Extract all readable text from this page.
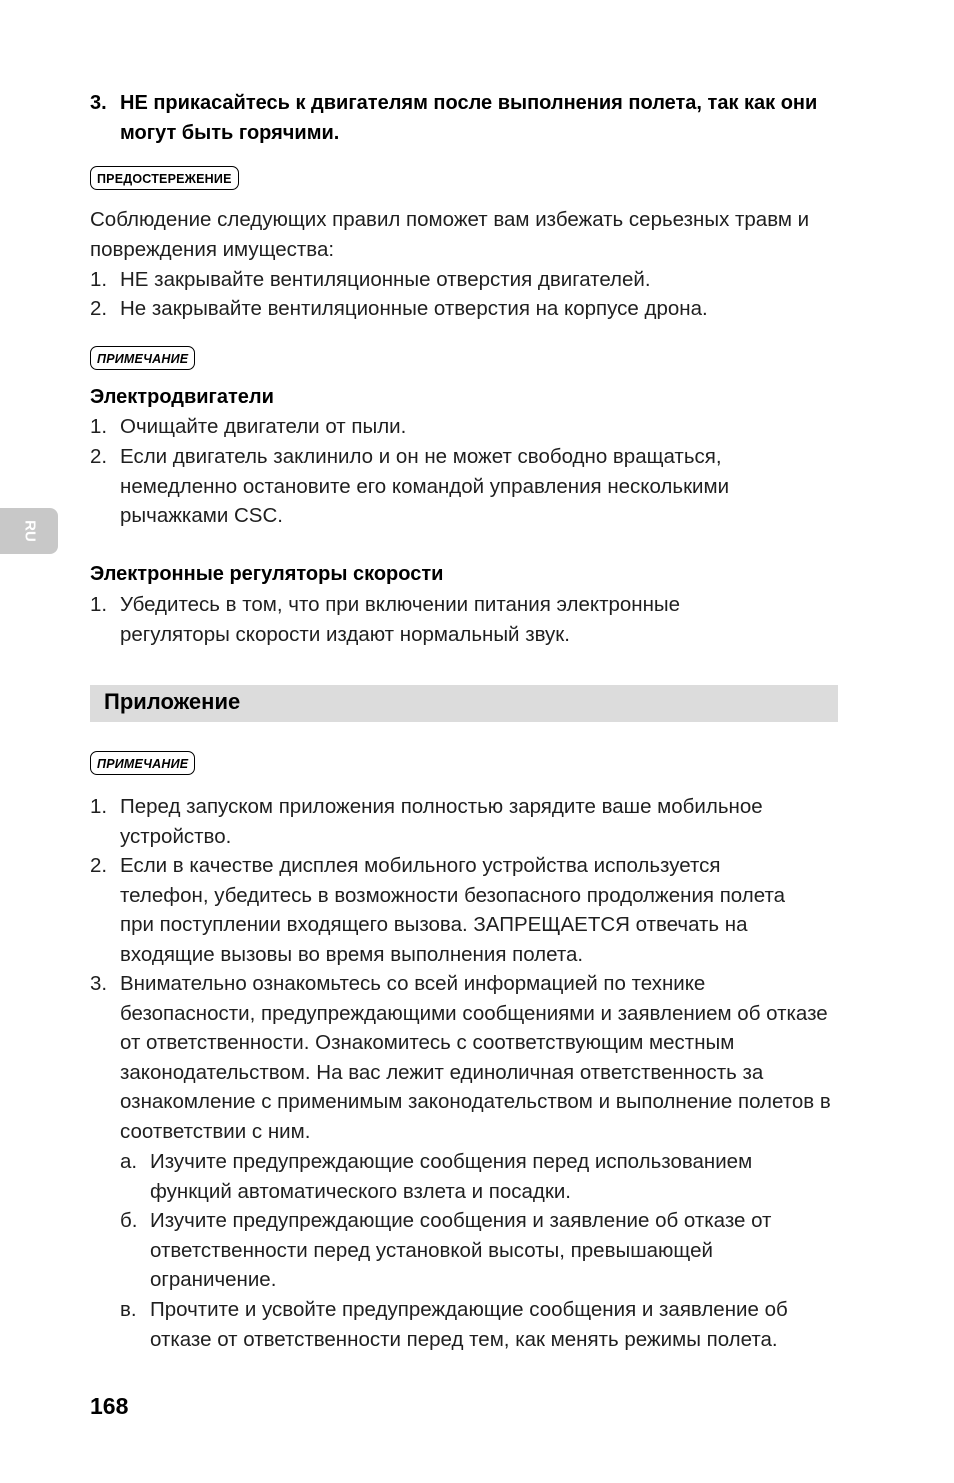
RU
3. НЕ прикасайтесь к двигателям после выполнения полета, так как они могут быть горячими.
ПРЕДОСТЕРЕЖЕНИЕ
Соблюдение следующих правил поможет вам избежать серьезных травм и повреждения имущества:
1. НЕ закрывайте вентиляционные отверстия двигателей.
2. Не закрывайте вентиляционные отверстия на корпусе дрона.
ПРИМЕЧАНИЕ
Электродвигатели
1. Очищайте двигатели от пыли.
2. Если двигатель заклинило и он не может свободно вращаться, немедленно остановите его командой управления несколькими рычажками CSC.
Электронные регуляторы скорости
1. Убедитесь в том, что при включении питания электронные регуляторы скорости издают нормальный звук.
Приложение
ПРИМЕЧАНИЕ
1. Перед запуском приложения полностью зарядите ваше мобильное устройство.
2. Если в качестве дисплея мобильного устройства используется телефон, убедитесь в возможности безопасного продолжения полета при поступлении входящего вызова. ЗАПРЕЩАЕТСЯ отвечать на входящие вызовы во время выполнения полета.
3. Внимательно ознакомьтесь со всей информацией по технике безопасности, предупреждающими сообщениями и заявлением об отказе от ответственности. Ознакомитесь с соответствующим местным законодательством. На вас лежит единоличная ответственность за ознакомление с применимым законодательством и выполнение полетов в соответствии с ним.
а. Изучите предупреждающие сообщения перед использованием функций автоматического взлета и посадки.
б. Изучите предупреждающие сообщения и заявление об отказе от ответственности перед установкой высоты, превышающей ограничение.
в. Прочтите и усвойте предупреждающие сообщения и заявление об отказе от ответственности перед тем, как менять режимы полета.
168
